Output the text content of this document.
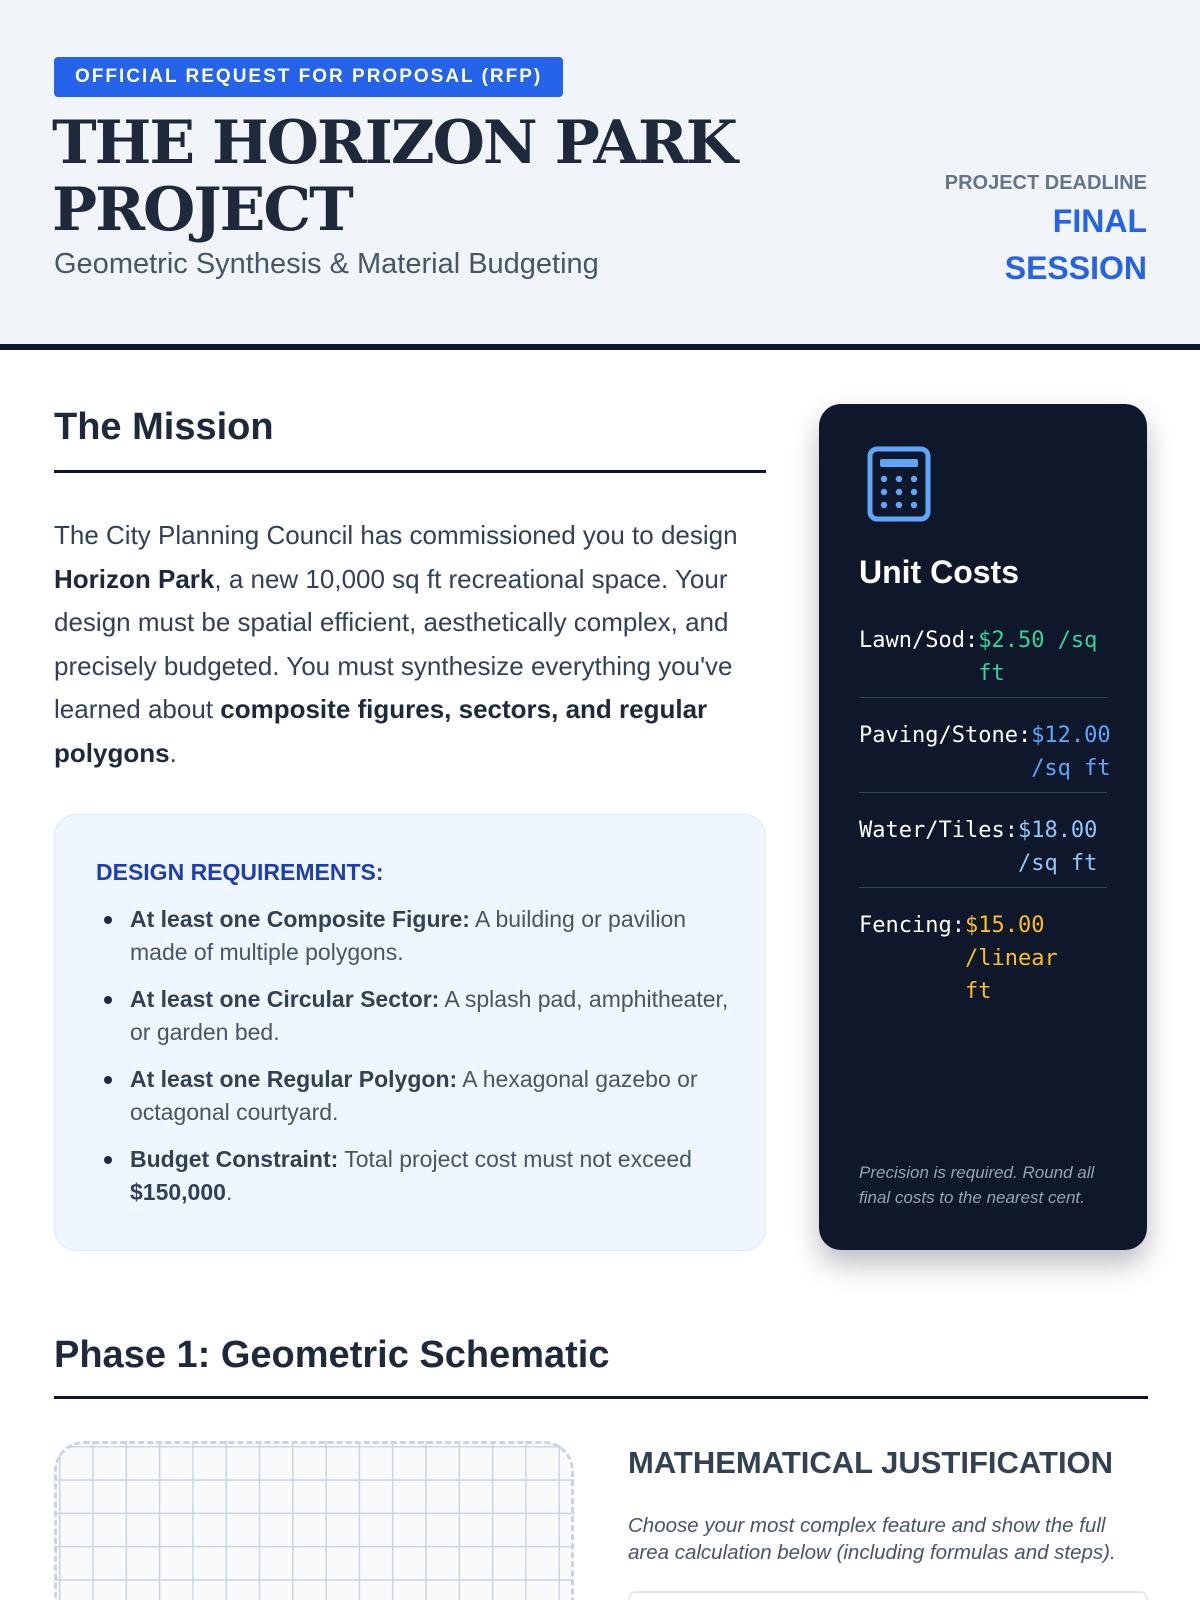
OFFICIAL REQUEST FOR PROPOSAL (RFP)
THE HORIZON PARK PROJECT
Geometric Synthesis & Material Budgeting
PROJECT DEADLINE
FINAL SESSION
The Mission

The City Planning Council has commissioned you to design Horizon Park, a new 10,000 sq ft recreational space. Your design must be spatial efficient, aesthetically complex, and precisely budgeted. You must synthesize everything you've learned about composite figures, sectors, and regular polygons.

DESIGN REQUIREMENTS:
At least one Composite Figure: A building or pavilion made of multiple polygons.
At least one Circular Sector: A splash pad, amphitheater, or garden bed.
At least one Regular Polygon: A hexagonal gazebo or octagonal courtyard.
Budget Constraint: Total project cost must not exceed $150,000.
Unit Costs
Lawn/Sod: $2.50 /sq ft
Paving/Stone: $12.00 /sq ft
Water/Tiles: $18.00 /sq ft
Fencing: $15.00 /linear ft

Precision is required. Round all final costs to the nearest cent.

Phase 1: Geometric Schematic
MATHEMATICAL JUSTIFICATION

Choose your most complex feature and show the full area calculation below (including formulas and steps).
